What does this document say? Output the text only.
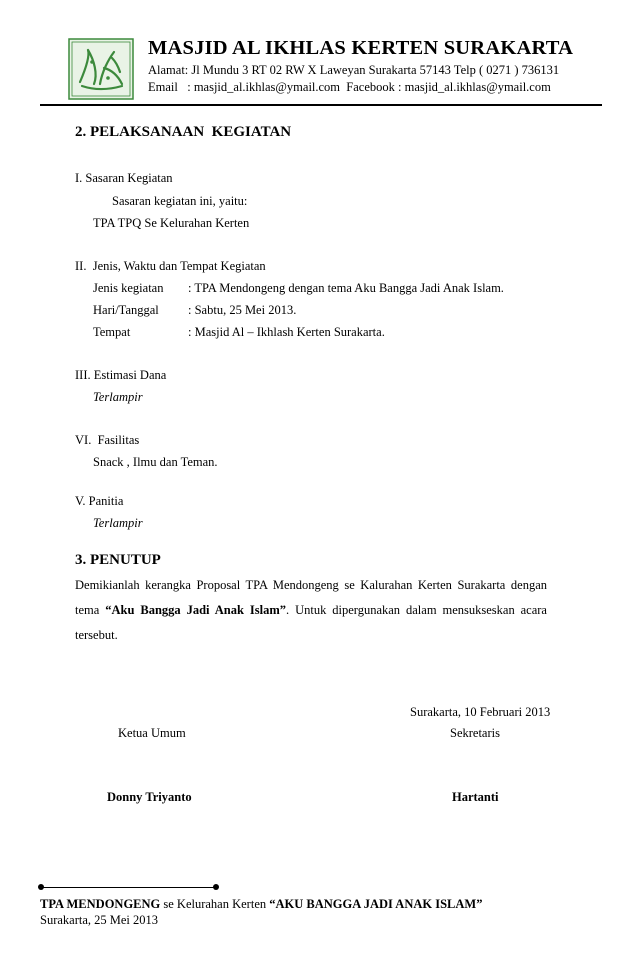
MASJID AL IKHLAS KERTEN SURAKARTA
Alamat: Jl Mundu 3 RT 02 RW X Laweyan Surakarta 57143 Telp ( 0271 ) 736131
Email   : masjid_al.ikhlas@ymail.com  Facebook : masjid_al.ikhlas@ymail.com
2. PELAKSANAAN  KEGIATAN
I. Sasaran Kegiatan
Sasaran kegiatan ini, yaitu:
TPA TPQ Se Kelurahan Kerten
II.  Jenis, Waktu dan Tempat Kegiatan
Jenis kegiatan : TPA Mendongeng dengan tema Aku Bangga Jadi Anak Islam.
Hari/Tanggal : Sabtu, 25 Mei 2013.
Tempat	: Masjid Al – Ikhlash Kerten Surakarta.
III. Estimasi Dana
Terlampir
VI.  Fasilitas
Snack , Ilmu dan Teman.
V. Panitia
Terlampir
3. PENUTUP
Demikianlah kerangka Proposal TPA Mendongeng se Kalurahan Kerten Surakarta dengan tema “Aku Bangga Jadi Anak Islam”. Untuk dipergunakan dalam mensukseskan acara tersebut.
Surakarta, 10 Februari 2013
Ketua Umum	Sekretaris
Donny Triyanto	Hartanti
TPA MENDONGENG se Kelurahan Kerten “AKU BANGGA JADI ANAK ISLAM”
Surakarta, 25 Mei 2013
